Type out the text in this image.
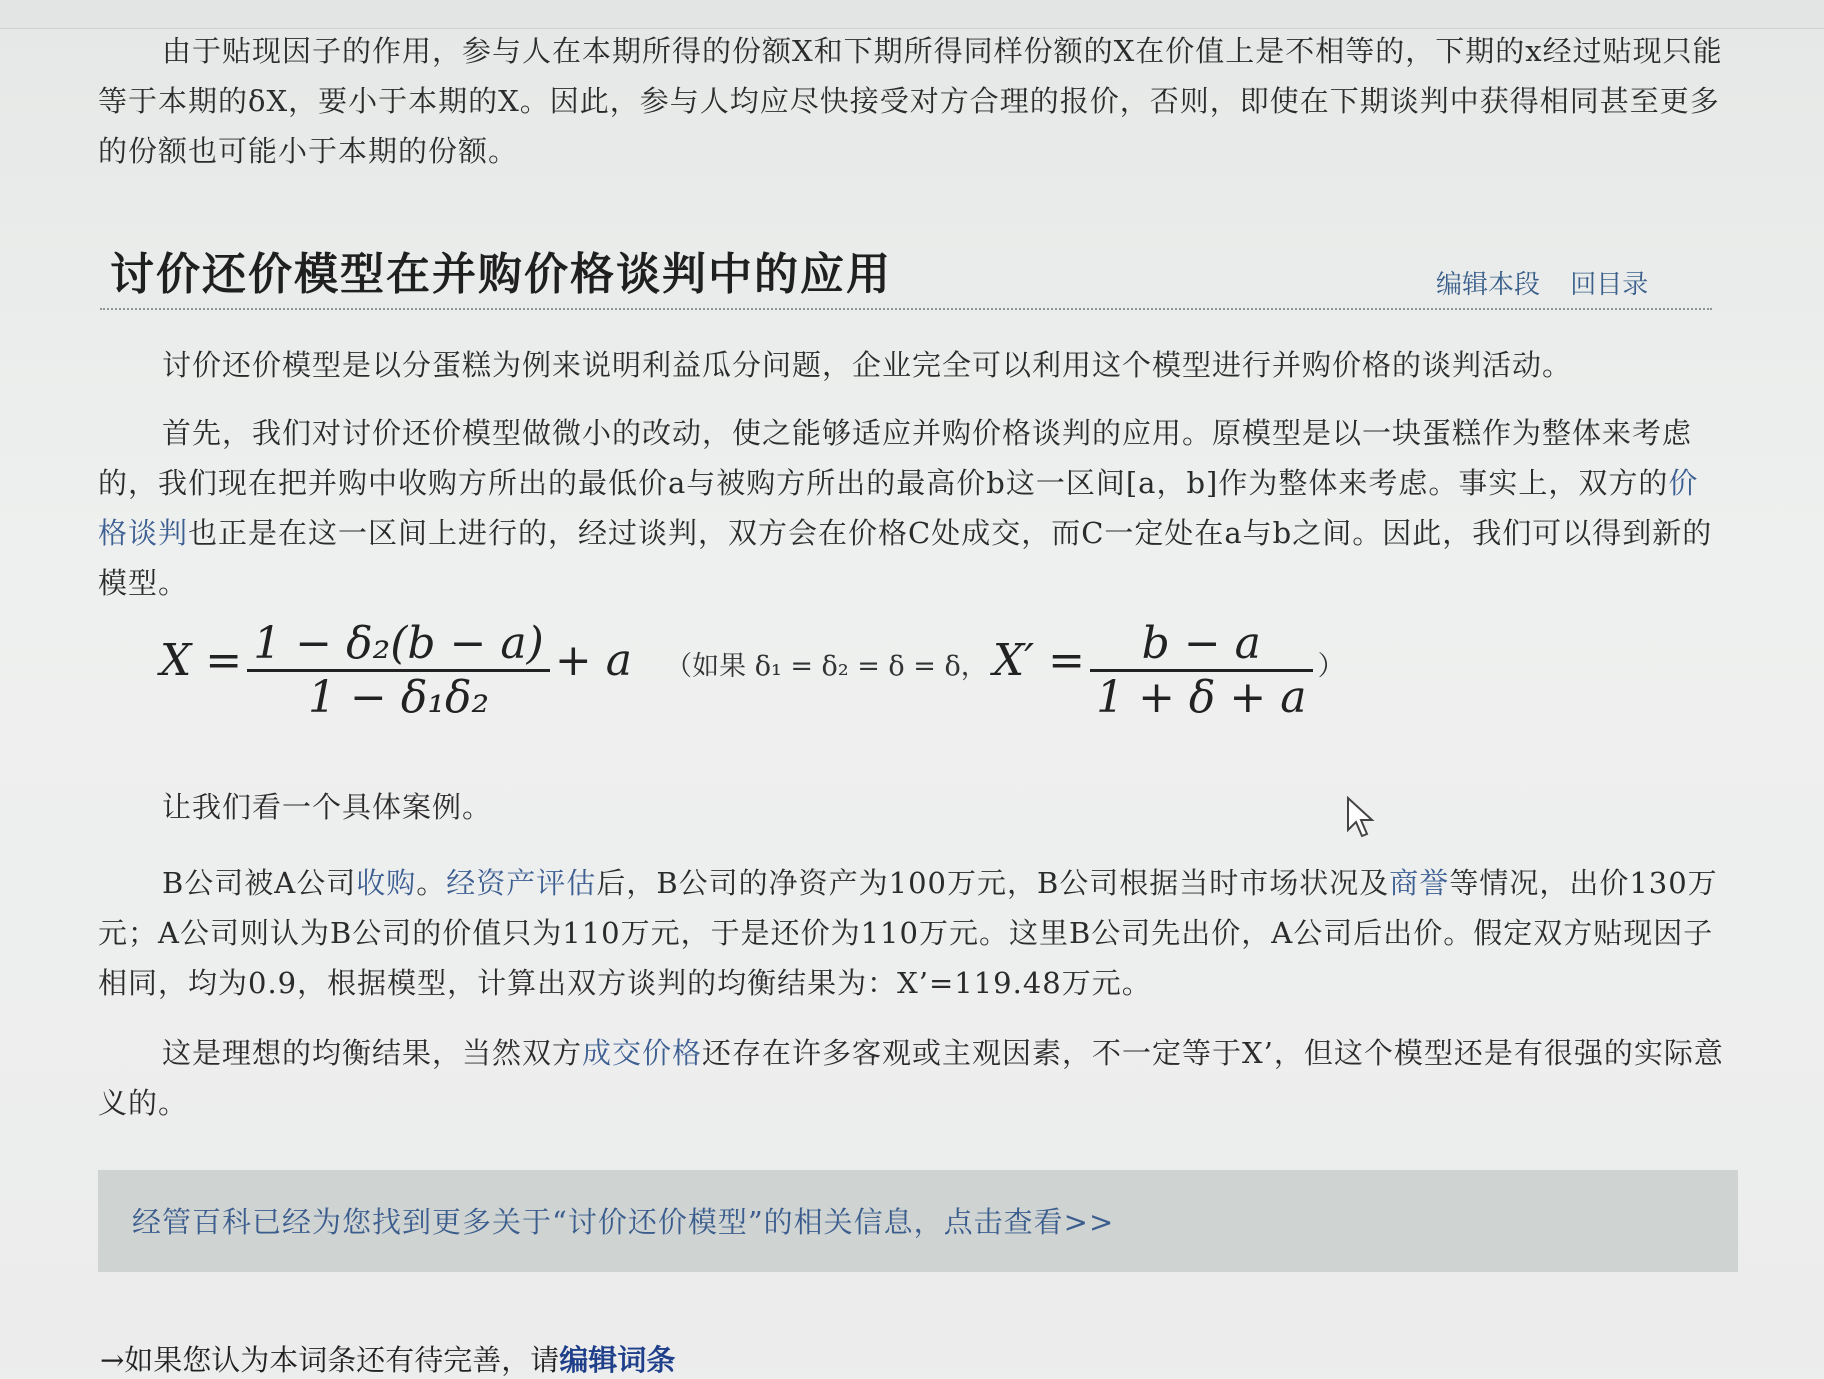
由于贴现因子的作用，参与人在本期所得的份额X和下期所得同样份额的X在价值上是不相等的，下期的x经过贴现只能等于本期的δX，要小于本期的X。因此，参与人均应尽快接受对方合理的报价，否则，即使在下期谈判中获得相同甚至更多的份额也可能小于本期的份额。
讨价还价模型在并购价格谈判中的应用	编辑本段 回目录
讨价还价模型是以分蛋糕为例来说明利益瓜分问题，企业完全可以利用这个模型进行并购价格的谈判活动。
首先，我们对讨价还价模型做微小的改动，使之能够适应并购价格谈判的应用。原模型是以一块蛋糕作为整体来考虑的，我们现在把并购中收购方所出的最低价a与被购方所出的最高价b这一区间[a，b]作为整体来考虑。事实上，双方的价格谈判也正是在这一区间上进行的，经过谈判，双方会在价格C处成交，而C一定处在a与b之间。因此，我们可以得到新的模型。
$X = \frac{\text{1 − δ₂(b − a)}}{\text{1 − δ₁δ₂}} + a$ （如果 δ₁ = δ₂ = δ = δ， $X' = \frac{b - a}{1 + \delta + a}$ ）
让我们看一个具体案例。
B公司被A公司收购。经资产评估后，B公司的净资产为100万元，B公司根据当时市场状况及商誉等情况，出价130万元；A公司则认为B公司的价值只为110万元，于是还价为110万元。这里B公司先出价，A公司后出价。假定双方贴现因子相同，均为0.9，根据模型，计算出双方谈判的均衡结果为：X’=119.48万元。
这是理想的均衡结果，当然双方成交价格还存在许多客观或主观因素，不一定等于X’，但这个模型还是有很强的实际意义的。
经管百科已经为您找到更多关于“讨价还价模型”的相关信息，点击查看>>
→如果您认为本词条还有待完善，请编辑词条
